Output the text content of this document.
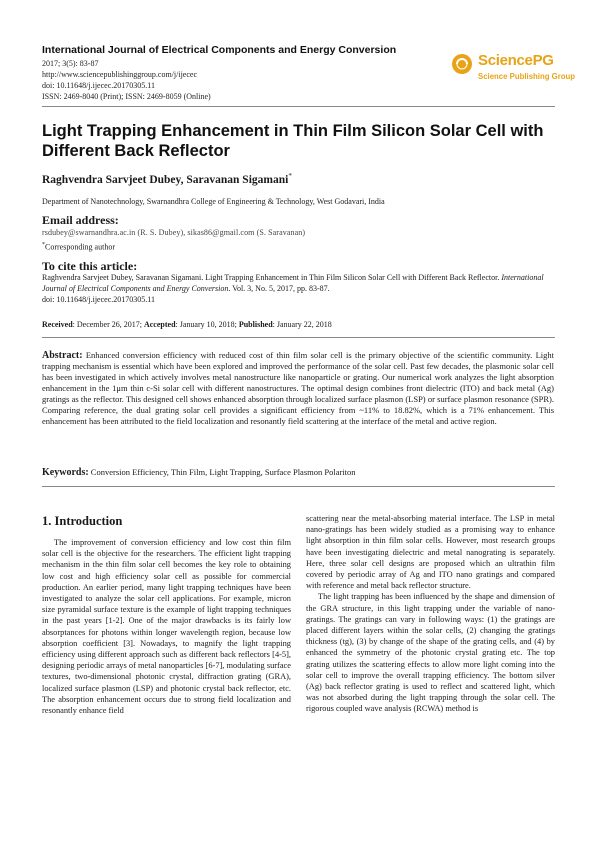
International Journal of Electrical Components and Energy Conversion
2017; 3(5): 83-87
http://www.sciencepublishinggroup.com/j/ijecec
doi: 10.11648/j.ijecec.20170305.11
ISSN: 2469-8040 (Print); ISSN: 2469-8059 (Online)
SciencePG
Science Publishing Group
Light Trapping Enhancement in Thin Film Silicon Solar Cell with Different Back Reflector
Raghvendra Sarvjeet Dubey, Saravanan Sigamani*
Department of Nanotechnology, Swarnandhra College of Engineering & Technology, West Godavari, India
Email address:
rsdubey@swarnandhra.ac.in (R. S. Dubey), sikas86@gmail.com (S. Saravanan)
*Corresponding author
To cite this article:
Raghvendra Sarvjeet Dubey, Saravanan Sigamani. Light Trapping Enhancement in Thin Film Silicon Solar Cell with Different Back Reflector. International Journal of Electrical Components and Energy Conversion. Vol. 3, No. 5, 2017, pp. 83-87.
doi: 10.11648/j.ijecec.20170305.11
Received: December 26, 2017; Accepted: January 10, 2018; Published: January 22, 2018
Abstract: Enhanced conversion efficiency with reduced cost of thin film solar cell is the primary objective of the scientific community. Light trapping mechanism is essential which have been explored and improved the performance of the solar cell. Past few decades, the plasmonic solar cell has been investigated in which actively involves metal nanostructure like nanoparticle or grating. Our numerical work analyzes the light absorption enhancement in the 1μm thin c-Si solar cell with different nanostructures. The optimal design combines front dielectric (ITO) and back metal (Ag) gratings as the reflector. This designed cell shows enhanced absorption through localized surface plasmon (LSP) or surface plasmon resonance (SPR). Comparing reference, the dual grating solar cell provides a significant efficiency from ~11% to 18.82%, which is a 71% enhancement. This enhancement has been attributed to the field localization and resonantly field scattering at the interface of the metal and active region.
Keywords: Conversion Efficiency, Thin Film, Light Trapping, Surface Plasmon Polariton
1. Introduction

The improvement of conversion efficiency and low cost thin film solar cell is the objective for the researchers. The efficient light trapping mechanism in the thin film solar cell becomes the key role to obtaining low cost and high efficiency solar cell as possible for commercial production. An earlier period, many light trapping techniques have been investigated to analyze the solar cell applications. For example, micron size pyramidal surface texture is the example of light trapping techniques in the past years [1-2]. One of the major drawbacks is its fairly low absorptances for photons within longer wavelength region, because low absorption coefficient [3]. Nowadays, to magnify the light trapping efficiency using different approach such as different back reflectors [4-5], designing periodic arrays of metal nanoparticles [6-7], modulating surface textures, two-dimensional photonic crystal, diffraction grating (GRA), localized surface plasmon (LSP) and photonic crystal back reflector, etc. The absorption enhancement occurs due to strong field localization and resonantly enhance field

scattering near the metal-absorbing material interface. The LSP in metal nano-gratings has been widely studied as a promising way to enhance light absorption in thin film solar cells. However, most research groups have been investigating dielectric and metal nanograting is separately. Here, three solar cell designs are proposed which an ultrathin film covered by periodic array of Ag and ITO nano gratings and compared with reference and metal back reflector structure.

The light trapping has been influenced by the shape and dimension of the GRA structure, in this light trapping under the variable of nano-gratings. The gratings can vary in following ways: (1) the gratings are placed different layers within the solar cells, (2) changing the gratings thickness (tg), (3) by change of the shape of the grating cells, and (4) by enhanced the symmetry of the photonic crystal grating etc. The top grating utilizes the scattering effects to allow more light coming into the solar cell to improve the overall trapping efficiency. The bottom silver (Ag) back reflector grating is used to reflect and scattered light, which was not absorbed during the light trapping through the solar cell. The rigorous coupled wave analysis (RCWA) method is
